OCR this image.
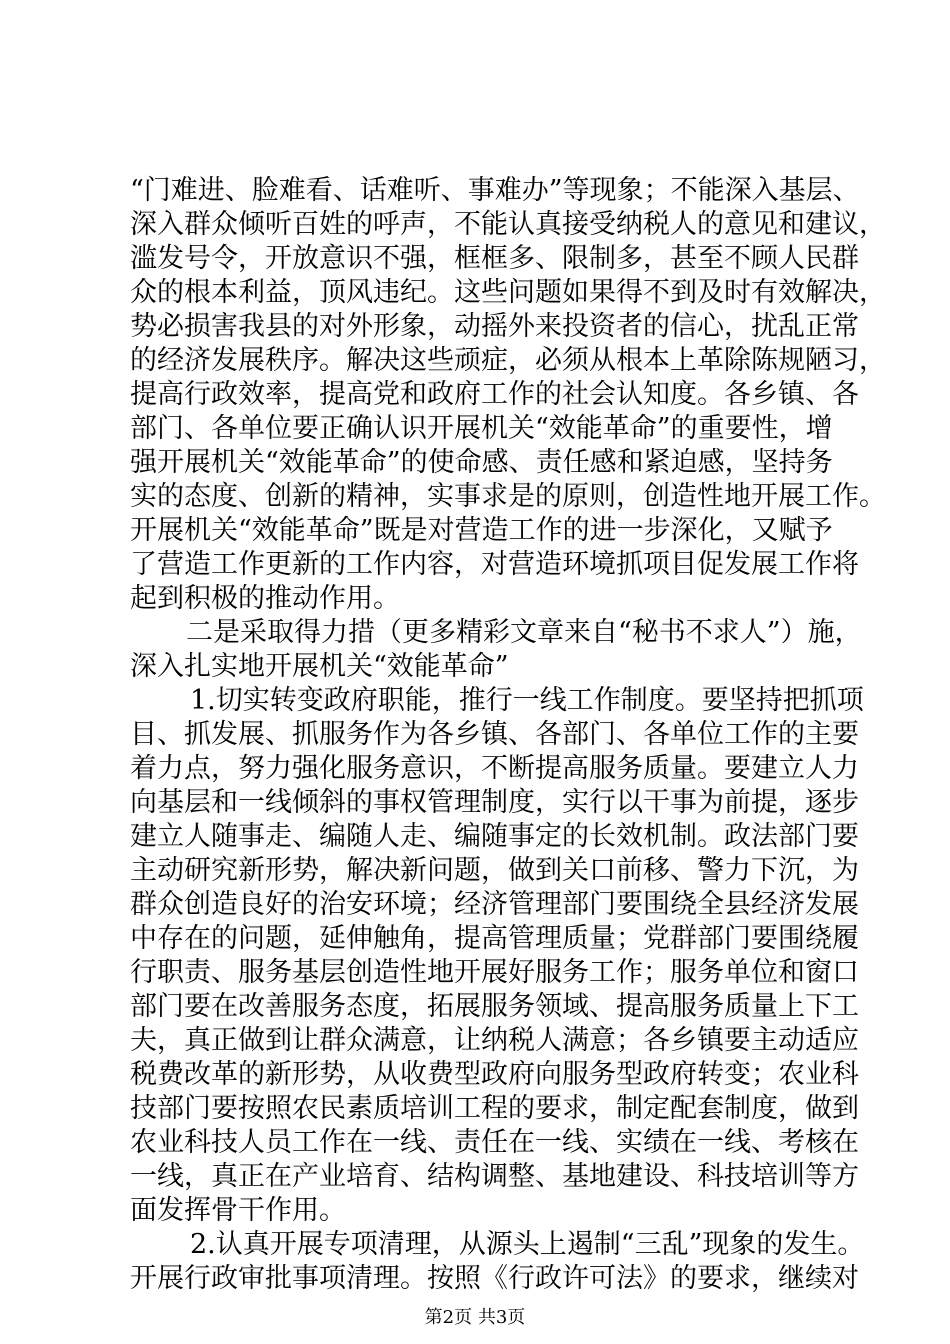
“门难进、脸难看、话难听、事难办”等现象；不能深入基层、
深入群众倾听百姓的呼声，不能认真接受纳税人的意见和建议，
滥发号令，开放意识不强，框框多、限制多，甚至不顾人民群
众的根本利益，顶风违纪。这些问题如果得不到及时有效解决，
势必损害我县的对外形象，动摇外来投资者的信心，扰乱正常
的经济发展秩序。解决这些顽症，必须从根本上革除陈规陋习，
提高行政效率，提高党和政府工作的社会认知度。各乡镇、各
部门、各单位要正确认识开展机关“效能革命”的重要性，增
强开展机关“效能革命”的使命感、责任感和紧迫感，坚持务
实的态度、创新的精神，实事求是的原则，创造性地开展工作。
开展机关“效能革命”既是对营造工作的进一步深化，又赋予
了营造工作更新的工作内容，对营造环境抓项目促发展工作将
起到积极的推动作用。
二是采取得力措（更多精彩文章来自“秘书不求人”）施，
深入扎实地开展机关“效能革命”
1.切实转变政府职能，推行一线工作制度。要坚持把抓项
目、抓发展、抓服务作为各乡镇、各部门、各单位工作的主要
着力点，努力强化服务意识，不断提高服务质量。要建立人力
向基层和一线倾斜的事权管理制度，实行以干事为前提，逐步
建立人随事走、编随人走、编随事定的长效机制。政法部门要
主动研究新形势，解决新问题，做到关口前移、警力下沉，为
群众创造良好的治安环境；经济管理部门要围绕全县经济发展
中存在的问题，延伸触角，提高管理质量；党群部门要围绕履
行职责、服务基层创造性地开展好服务工作；服务单位和窗口
部门要在改善服务态度，拓展服务领域、提高服务质量上下工
夫，真正做到让群众满意，让纳税人满意；各乡镇要主动适应
税费改革的新形势，从收费型政府向服务型政府转变；农业科
技部门要按照农民素质培训工程的要求，制定配套制度，做到
农业科技人员工作在一线、责任在一线、实绩在一线、考核在
一线，真正在产业培育、结构调整、基地建设、科技培训等方
面发挥骨干作用。
2.认真开展专项清理，从源头上遏制“三乱”现象的发生。
开展行政审批事项清理。按照《行政许可法》的要求，继续对
第2页 共3页
